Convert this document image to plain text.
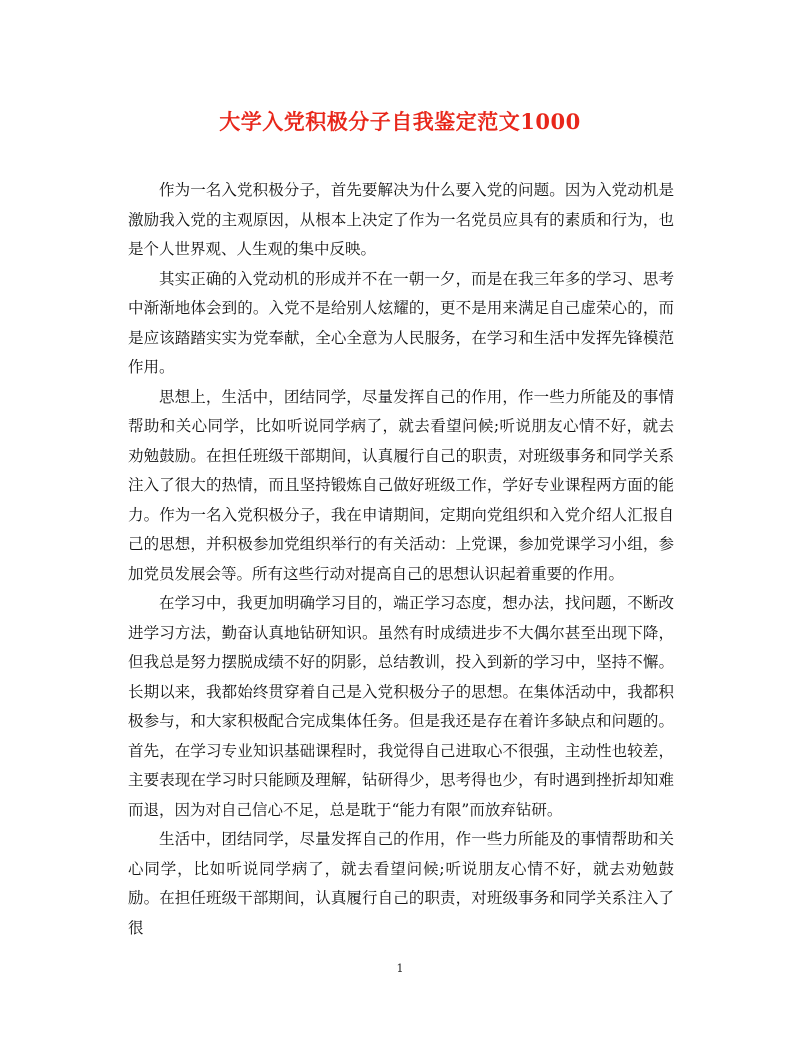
大学入党积极分子自我鉴定范文1000

作为一名入党积极分子，首先要解决为什么要入党的问题。因为入党动机是激励我入党的主观原因，从根本上决定了作为一名党员应具有的素质和行为，也是个人世界观、人生观的集中反映。

其实正确的入党动机的形成并不在一朝一夕，而是在我三年多的学习、思考中渐渐地体会到的。入党不是给别人炫耀的，更不是用来满足自己虚荣心的，而是应该踏踏实实为党奉献，全心全意为人民服务，在学习和生活中发挥先锋模范作用。

思想上，生活中，团结同学，尽量发挥自己的作用，作一些力所能及的事情帮助和关心同学，比如听说同学病了，就去看望问候;听说朋友心情不好，就去劝勉鼓励。在担任班级干部期间，认真履行自己的职责，对班级事务和同学关系注入了很大的热情，而且坚持锻炼自己做好班级工作，学好专业课程两方面的能力。作为一名入党积极分子，我在申请期间，定期向党组织和入党介绍人汇报自己的思想，并积极参加党组织举行的有关活动：上党课，参加党课学习小组，参加党员发展会等。所有这些行动对提高自己的思想认识起着重要的作用。

在学习中，我更加明确学习目的，端正学习态度，想办法，找问题，不断改进学习方法，勤奋认真地钻研知识。虽然有时成绩进步不大偶尔甚至出现下降，但我总是努力摆脱成绩不好的阴影，总结教训，投入到新的学习中，坚持不懈。长期以来，我都始终贯穿着自己是入党积极分子的思想。在集体活动中，我都积极参与，和大家积极配合完成集体任务。但是我还是存在着许多缺点和问题的。首先，在学习专业知识基础课程时，我觉得自己进取心不很强，主动性也较差，主要表现在学习时只能顾及理解，钻研得少，思考得也少，有时遇到挫折却知难而退，因为对自己信心不足，总是耽于“能力有限”而放弃钻研。

生活中，团结同学，尽量发挥自己的作用，作一些力所能及的事情帮助和关心同学，比如听说同学病了，就去看望问候;听说朋友心情不好，就去劝勉鼓励。在担任班级干部期间，认真履行自己的职责，对班级事务和同学关系注入了很

1
